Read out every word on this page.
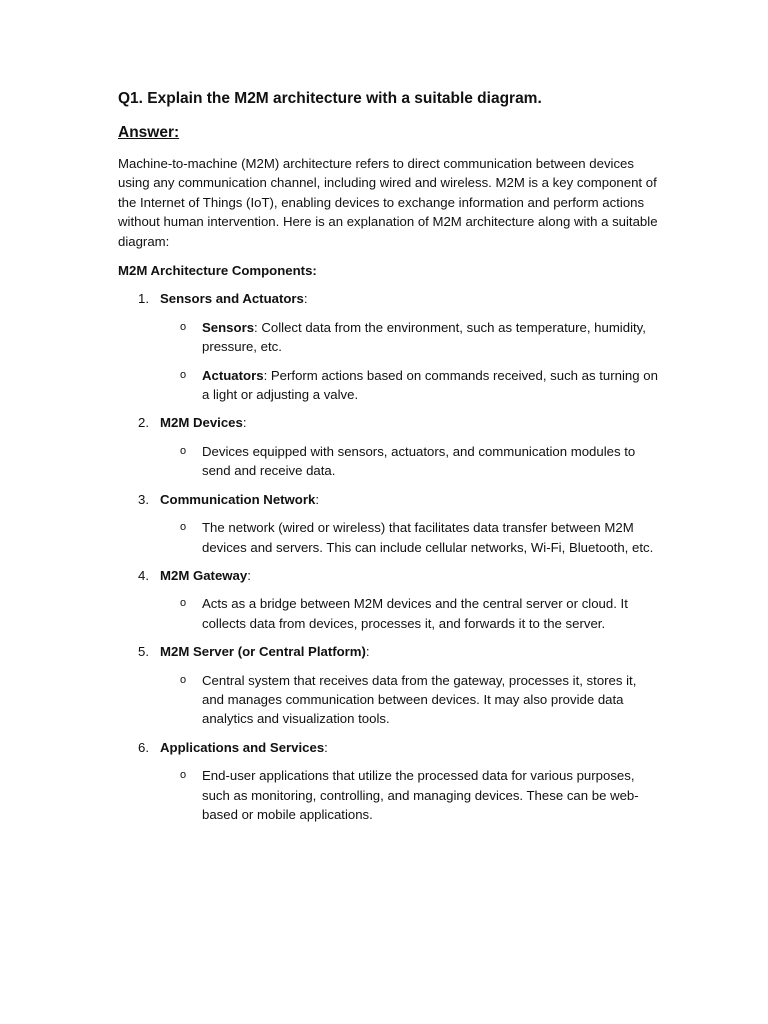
Q1. Explain the M2M architecture with a suitable diagram.
Answer:
Machine-to-machine (M2M) architecture refers to direct communication between devices using any communication channel, including wired and wireless. M2M is a key component of the Internet of Things (IoT), enabling devices to exchange information and perform actions without human intervention. Here is an explanation of M2M architecture along with a suitable diagram:
M2M Architecture Components:
1. Sensors and Actuators:
o Sensors: Collect data from the environment, such as temperature, humidity, pressure, etc.
o Actuators: Perform actions based on commands received, such as turning on a light or adjusting a valve.
2. M2M Devices:
o Devices equipped with sensors, actuators, and communication modules to send and receive data.
3. Communication Network:
o The network (wired or wireless) that facilitates data transfer between M2M devices and servers. This can include cellular networks, Wi-Fi, Bluetooth, etc.
4. M2M Gateway:
o Acts as a bridge between M2M devices and the central server or cloud. It collects data from devices, processes it, and forwards it to the server.
5. M2M Server (or Central Platform):
o Central system that receives data from the gateway, processes it, stores it, and manages communication between devices. It may also provide data analytics and visualization tools.
6. Applications and Services:
o End-user applications that utilize the processed data for various purposes, such as monitoring, controlling, and managing devices. These can be web-based or mobile applications.
